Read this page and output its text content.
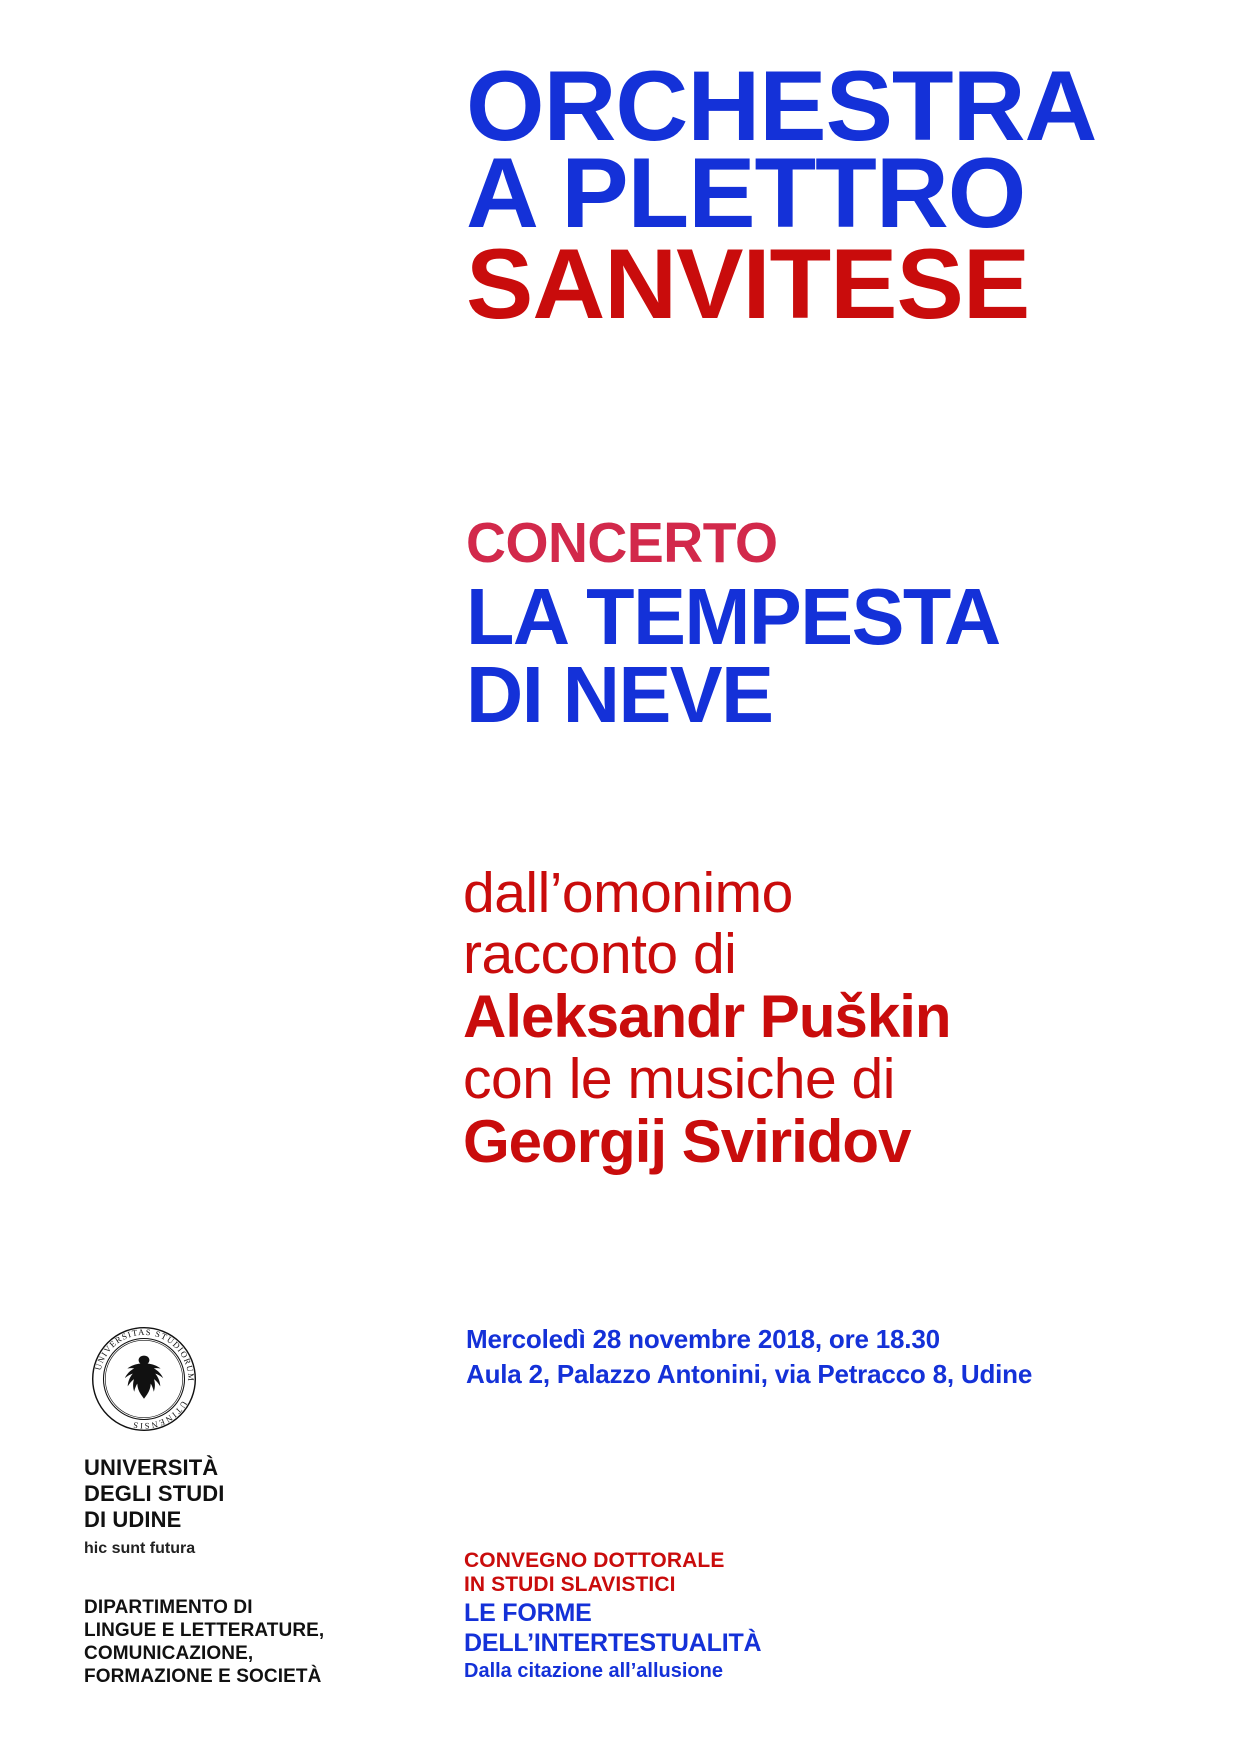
ORCHESTRA
A PLETTRO
SANVITESE
CONCERTO
LA TEMPESTA
DI NEVE
dall’omonimo
racconto di
Aleksandr Puškin
con le musiche di
Georgij Sviridov
Mercoledì 28 novembre 2018, ore 18.30
Aula 2, Palazzo Antonini, via Petracco 8, Udine
UNIVERSITAS STUDIORUM
UTINENSIS
UNIVERSITÀ
DEGLI STUDI
DI UDINE
hic sunt futura
DIPARTIMENTO DI
LINGUE E LETTERATURE,
COMUNICAZIONE,
FORMAZIONE E SOCIETÀ
CONVEGNO DOTTORALE
IN STUDI SLAVISTICI
LE FORME
DELL’INTERTESTUALITÀ
Dalla citazione all’allusione
